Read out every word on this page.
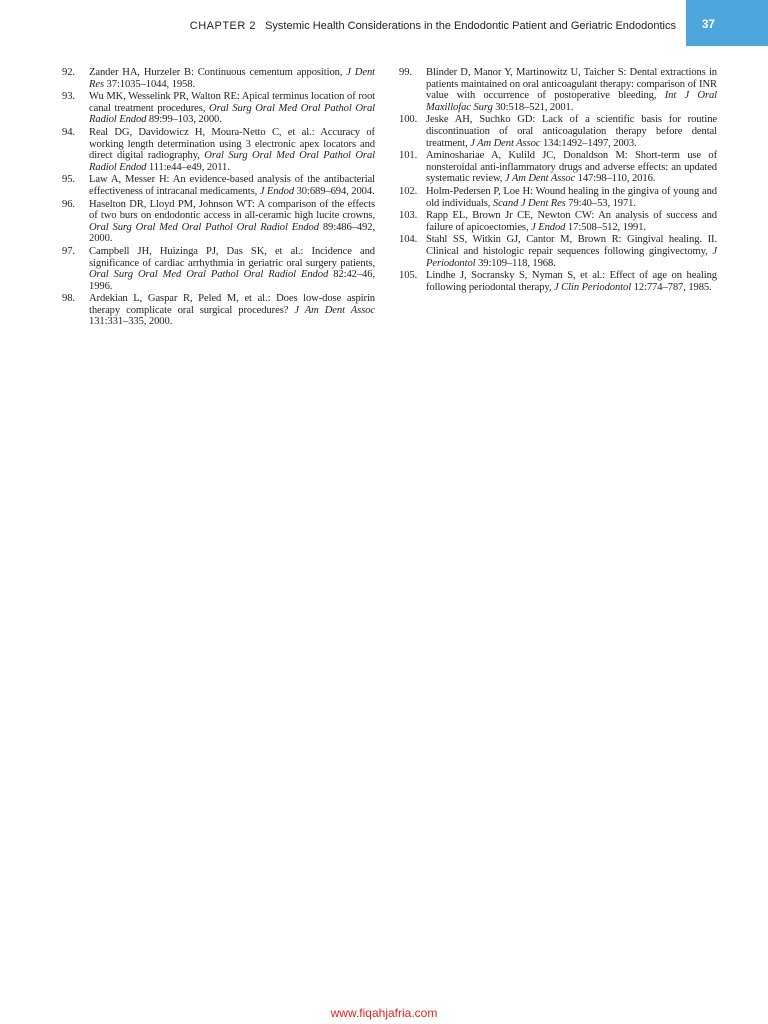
CHAPTER 2 Systemic Health Considerations in the Endodontic Patient and Geriatric Endodontics 37
92. Zander HA, Hurzeler B: Continuous cementum apposition, J Dent Res 37:1035–1044, 1958.
93. Wu MK, Wesselink PR, Walton RE: Apical terminus location of root canal treatment procedures, Oral Surg Oral Med Oral Pathol Oral Radiol Endod 89:99–103, 2000.
94. Real DG, Davidowicz H, Moura-Netto C, et al.: Accuracy of working length determination using 3 electronic apex locators and direct digital radiography, Oral Surg Oral Med Oral Pathol Oral Radiol Endod 111:e44–e49, 2011.
95. Law A, Messer H: An evidence-based analysis of the antibacterial effectiveness of intracanal medicaments, J Endod 30:689–694, 2004.
96. Haselton DR, Lloyd PM, Johnson WT: A comparison of the effects of two burs on endodontic access in all-ceramic high lucite crowns, Oral Surg Oral Med Oral Pathol Oral Radiol Endod 89:486–492, 2000.
97. Campbell JH, Huizinga PJ, Das SK, et al.: Incidence and significance of cardiac arrhythmia in geriatric oral surgery patients, Oral Surg Oral Med Oral Pathol Oral Radiol Endod 82:42–46, 1996.
98. Ardekian L, Gaspar R, Peled M, et al.: Does low-dose aspirin therapy complicate oral surgical procedures? J Am Dent Assoc 131:331–335, 2000.
99. Blinder D, Manor Y, Martinowitz U, Taicher S: Dental extractions in patients maintained on oral anticoagulant therapy: comparison of INR value with occurrence of postoperative bleeding, Int J Oral Maxillofac Surg 30:518–521, 2001.
100. Jeske AH, Suchko GD: Lack of a scientific basis for routine discontinuation of oral anticoagulation therapy before dental treatment, J Am Dent Assoc 134:1492–1497, 2003.
101. Aminoshariae A, Kulild JC, Donaldson M: Short-term use of nonsteroidal anti-inflammatory drugs and adverse effects: an updated systematic review, J Am Dent Assoc 147:98–110, 2016.
102. Holm-Pedersen P, Loe H: Wound healing in the gingiva of young and old individuals, Scand J Dent Res 79:40–53, 1971.
103. Rapp EL, Brown Jr CE, Newton CW: An analysis of success and failure of apicoectomies, J Endod 17:508–512, 1991.
104. Stahl SS, Witkin GJ, Cantor M, Brown R: Gingival healing. II. Clinical and histologic repair sequences following gingivectomy, J Periodontol 39:109–118, 1968.
105. Lindhe J, Socransky S, Nyman S, et al.: Effect of age on healing following periodontal therapy, J Clin Periodontol 12:774–787, 1985.
www.fiqahjafria.com
